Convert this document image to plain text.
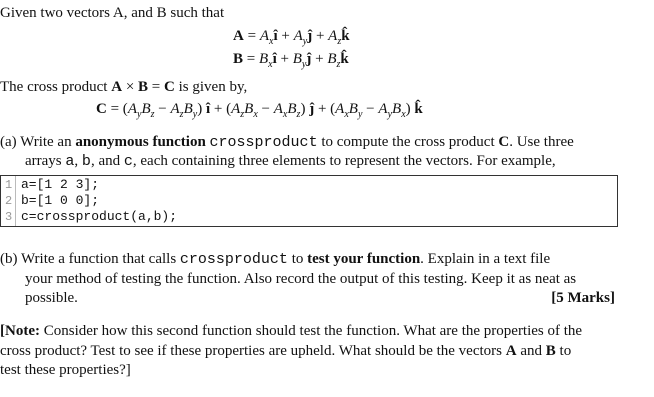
Given two vectors A, and B such that
$A = A_xî$ + $A_yĵ$ + $A_zk̂$
$B = B_xî$ + $B_yĵ$ + $B_zk̂$
The cross product A × B = C is given by,
$C = (A_yB_z - A_zB_y)$ î + $(A_zB_x - A_xB_z)$ ĵ + $(A_xB_y - A_yB_x)$ k̂
(a) Write an anonymous function crossproduct to compute the cross product C. Use three
arrays a, b, and c, each containing three elements to represent the vectors. For example,
1 a=[1 2 3];
2 b=[1 0 0];
3 c=crossproduct(a,b);
(b) Write a function that calls crossproduct to test your function. Explain in a text file
your method of testing the function. Also record the output of this testing. Keep it as neat as
possible.	[5 Marks]
[Note: Consider how this second function should test the function. What are the properties of the
cross product? Test to see if these properties are upheld. What should be the vectors A and B to
test these properties?]
